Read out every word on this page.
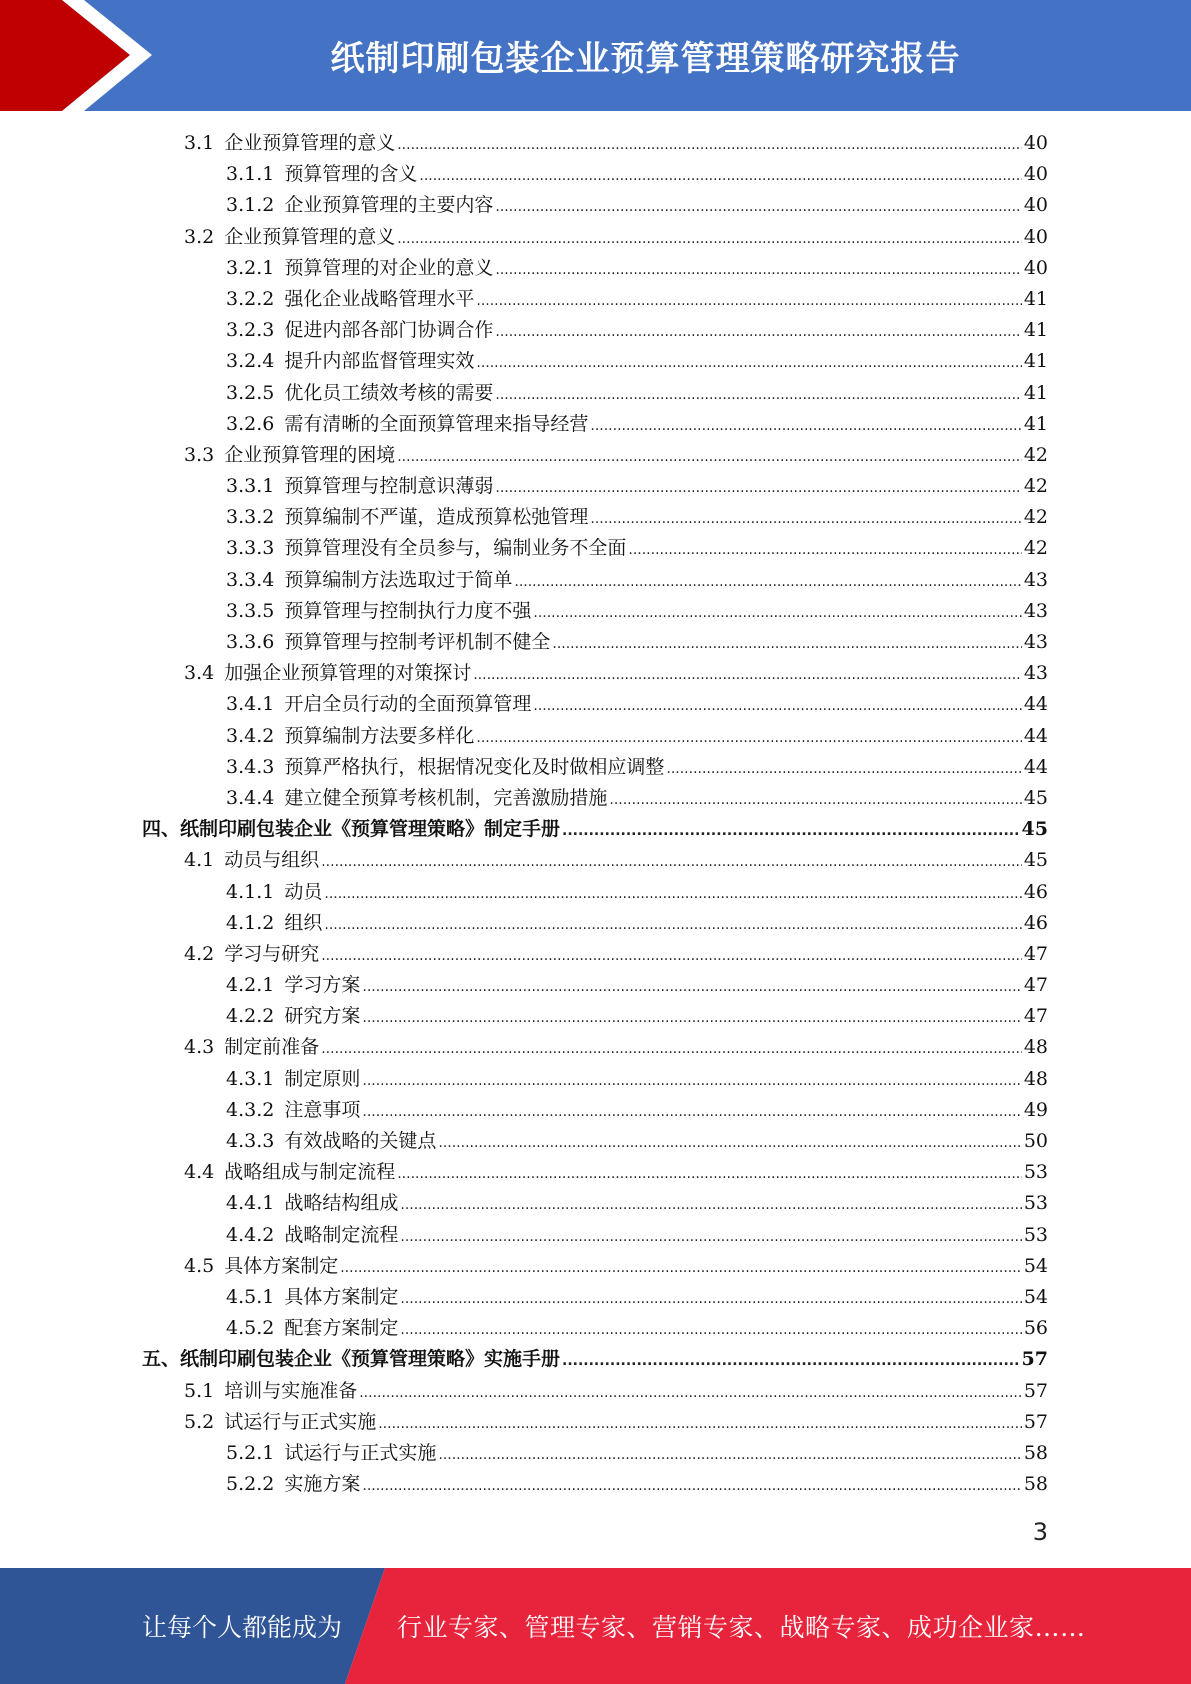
纸制印刷包装企业预算管理策略研究报告
3.1 企业预算管理的意义 .....	40
3.1.1 预算管理的含义 .....	40
3.1.2 企业预算管理的主要内容 .....	40
3.2 企业预算管理的意义 .....	40
3.2.1 预算管理的对企业的意义 .....	40
3.2.2 强化企业战略管理水平 .....	41
3.2.3 促进内部各部门协调合作 .....	41
3.2.4 提升内部监督管理实效 .....	41
3.2.5 优化员工绩效考核的需要 .....	41
3.2.6 需有清晰的全面预算管理来指导经营 .....	41
3.3 企业预算管理的困境 .....	42
3.3.1 预算管理与控制意识薄弱 .....	42
3.3.2 预算编制不严谨，造成预算松弛管理 .....	42
3.3.3 预算管理没有全员参与，编制业务不全面 .....	42
3.3.4 预算编制方法选取过于简单 .....	43
3.3.5 预算管理与控制执行力度不强 .....	43
3.3.6 预算管理与控制考评机制不健全 .....	43
3.4 加强企业预算管理的对策探讨 .....	43
3.4.1 开启全员行动的全面预算管理 .....	44
3.4.2 预算编制方法要多样化 .....	44
3.4.3 预算严格执行，根据情况变化及时做相应调整 .....	44
3.4.4 建立健全预算考核机制，完善激励措施 .....	45
四、纸制印刷包装企业《预算管理策略》制定手册 .....	45
4.1 动员与组织 .....	45
4.1.1 动员 .....	46
4.1.2 组织 .....	46
4.2 学习与研究 .....	47
4.2.1 学习方案 .....	47
4.2.2 研究方案 .....	47
4.3 制定前准备 .....	48
4.3.1 制定原则 .....	48
4.3.2 注意事项 .....	49
4.3.3 有效战略的关键点 .....	50
4.4 战略组成与制定流程 .....	53
4.4.1 战略结构组成 .....	53
4.4.2 战略制定流程 .....	53
4.5 具体方案制定 .....	54
4.5.1 具体方案制定 .....	54
4.5.2 配套方案制定 .....	56
五、纸制印刷包装企业《预算管理策略》实施手册 .....	57
5.1 培训与实施准备 .....	57
5.2 试运行与正式实施 .....	57
5.2.1 试运行与正式实施 .....	58
5.2.2 实施方案 .....	58
3
让每个人都能成为 行业专家、管理专家、营销专家、战略专家、成功企业家……
